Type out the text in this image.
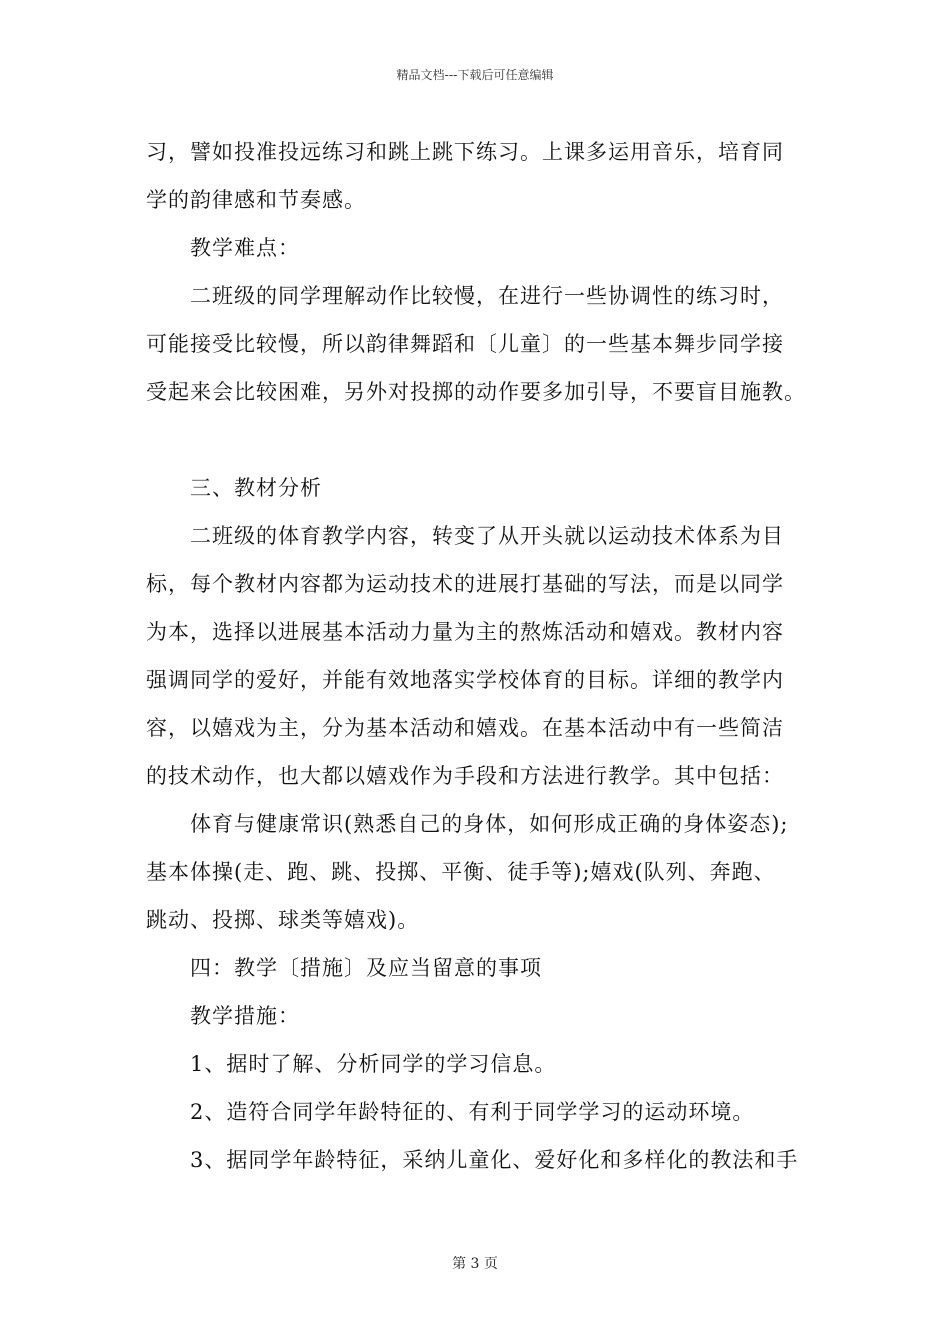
精品文档---下载后可任意编辑
习，譬如投准投远练习和跳上跳下练习。上课多运用音乐，培育同
学的韵律感和节奏感。
教学难点：
二班级的同学理解动作比较慢，在进行一些协调性的练习时，
可能接受比较慢，所以韵律舞蹈和〔儿童〕的一些基本舞步同学接
受起来会比较困难，另外对投掷的动作要多加引导，不要盲目施教。
三、教材分析
二班级的体育教学内容，转变了从开头就以运动技术体系为目
标，每个教材内容都为运动技术的进展打基础的写法，而是以同学
为本，选择以进展基本活动力量为主的熬炼活动和嬉戏。教材内容
强调同学的爱好，并能有效地落实学校体育的目标。详细的教学内
容，以嬉戏为主，分为基本活动和嬉戏。在基本活动中有一些简洁
的技术动作，也大都以嬉戏作为手段和方法进行教学。其中包括：
体育与健康常识(熟悉自己的身体，如何形成正确的身体姿态);
基本体操(走、跑、跳、投掷、平衡、徒手等);嬉戏(队列、奔跑、
跳动、投掷、球类等嬉戏)。
四：教学〔措施〕及应当留意的事项
教学措施：
1、据时了解、分析同学的学习信息。
2、造符合同学年龄特征的、有利于同学学习的运动环境。
3、据同学年龄特征，采纳儿童化、爱好化和多样化的教法和手
第 3 页
